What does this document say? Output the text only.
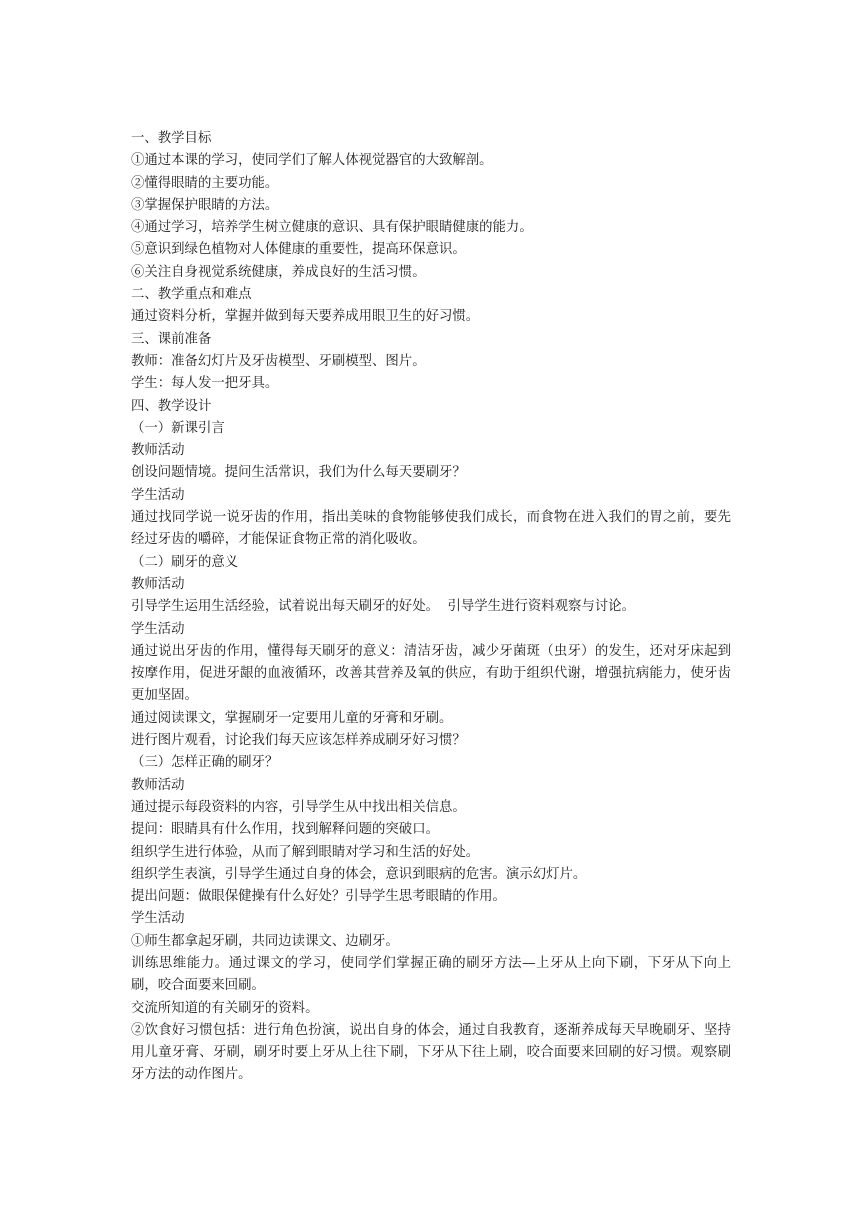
一、教学目标
①通过本课的学习，使同学们了解人体视觉器官的大致解剖。
②懂得眼睛的主要功能。
③掌握保护眼睛的方法。
④通过学习，培养学生树立健康的意识、具有保护眼睛健康的能力。
⑤意识到绿色植物对人体健康的重要性，提高环保意识。
⑥关注自身视觉系统健康，养成良好的生活习惯。
二、教学重点和难点
通过资料分析，掌握并做到每天要养成用眼卫生的好习惯。
三、课前准备
教师：准备幻灯片及牙齿模型、牙刷模型、图片。
学生：每人发一把牙具。
四、教学设计
（一）新课引言
教师活动
创设问题情境。提问生活常识，我们为什么每天要刷牙？
学生活动
通过找同学说一说牙齿的作用，指出美味的食物能够使我们成长，而食物在进入我们的胃之前，要先经过牙齿的嚼碎，才能保证食物正常的消化吸收。
（二）刷牙的意义
教师活动
引导学生运用生活经验，试着说出每天刷牙的好处。  引导学生进行资料观察与讨论。
学生活动
通过说出牙齿的作用，懂得每天刷牙的意义：清洁牙齿，减少牙菌斑（虫牙）的发生，还对牙床起到按摩作用，促进牙龈的血液循环，改善其营养及氧的供应，有助于组织代谢，增强抗病能力，使牙齿更加坚固。
通过阅读课文，掌握刷牙一定要用儿童的牙膏和牙刷。
进行图片观看，讨论我们每天应该怎样养成刷牙好习惯？
（三）怎样正确的刷牙？
教师活动
通过提示每段资料的内容，引导学生从中找出相关信息。
提问：眼睛具有什么作用，找到解释问题的突破口。
组织学生进行体验，从而了解到眼睛对学习和生活的好处。
组织学生表演，引导学生通过自身的体会，意识到眼病的危害。演示幻灯片。
提出问题：做眼保健操有什么好处？引导学生思考眼睛的作用。
学生活动
①师生都拿起牙刷，共同边读课文、边刷牙。
训练思维能力。通过课文的学习，使同学们掌握正确的刷牙方法—上牙从上向下刷，下牙从下向上刷，咬合面要来回刷。
交流所知道的有关刷牙的资料。
②饮食好习惯包括：进行角色扮演，说出自身的体会，通过自我教育，逐渐养成每天早晚刷牙、坚持用儿童牙膏、牙刷，刷牙时要上牙从上往下刷，下牙从下往上刷，咬合面要来回刷的好习惯。观察刷牙方法的动作图片。
